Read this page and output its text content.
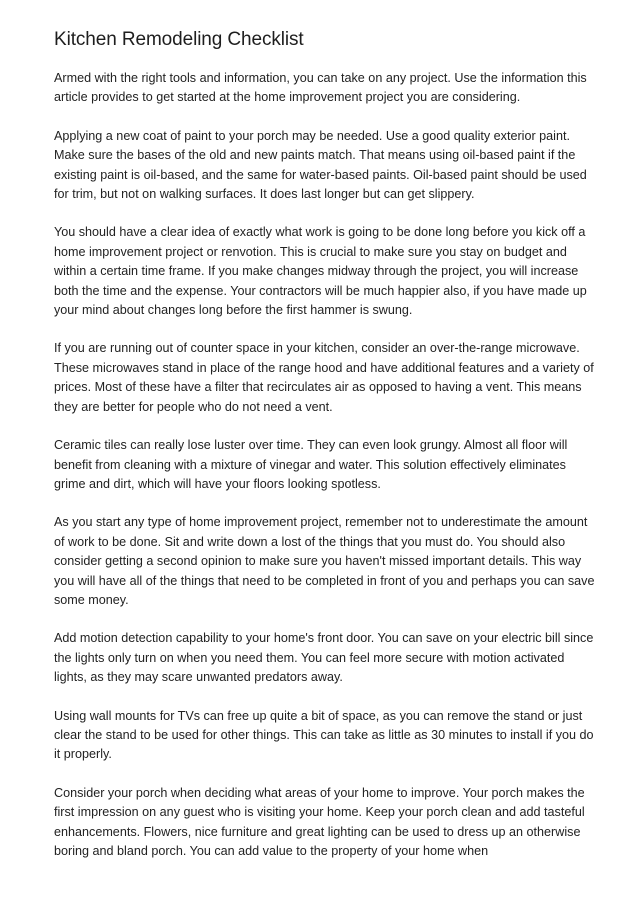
Kitchen Remodeling Checklist

Armed with the right tools and information, you can take on any project. Use the information this article provides to get started at the home improvement project you are considering.

Applying a new coat of paint to your porch may be needed. Use a good quality exterior paint. Make sure the bases of the old and new paints match. That means using oil-based paint if the existing paint is oil-based, and the same for water-based paints. Oil-based paint should be used for trim, but not on walking surfaces. It does last longer but can get slippery.

You should have a clear idea of exactly what work is going to be done long before you kick off a home improvement project or renvotion. This is crucial to make sure you stay on budget and within a certain time frame. If you make changes midway through the project, you will increase both the time and the expense. Your contractors will be much happier also, if you have made up your mind about changes long before the first hammer is swung.

If you are running out of counter space in your kitchen, consider an over-the-range microwave. These microwaves stand in place of the range hood and have additional features and a variety of prices. Most of these have a filter that recirculates air as opposed to having a vent. This means they are better for people who do not need a vent.

Ceramic tiles can really lose luster over time. They can even look grungy. Almost all floor will benefit from cleaning with a mixture of vinegar and water. This solution effectively eliminates grime and dirt, which will have your floors looking spotless.

As you start any type of home improvement project, remember not to underestimate the amount of work to be done. Sit and write down a lost of the things that you must do. You should also consider getting a second opinion to make sure you haven't missed important details. This way you will have all of the things that need to be completed in front of you and perhaps you can save some money.

Add motion detection capability to your home's front door. You can save on your electric bill since the lights only turn on when you need them. You can feel more secure with motion activated lights, as they may scare unwanted predators away.

Using wall mounts for TVs can free up quite a bit of space, as you can remove the stand or just clear the stand to be used for other things. This can take as little as 30 minutes to install if you do it properly.

Consider your porch when deciding what areas of your home to improve. Your porch makes the first impression on any guest who is visiting your home. Keep your porch clean and add tasteful enhancements. Flowers, nice furniture and great lighting can be used to dress up an otherwise boring and bland porch. You can add value to the property of your home when
